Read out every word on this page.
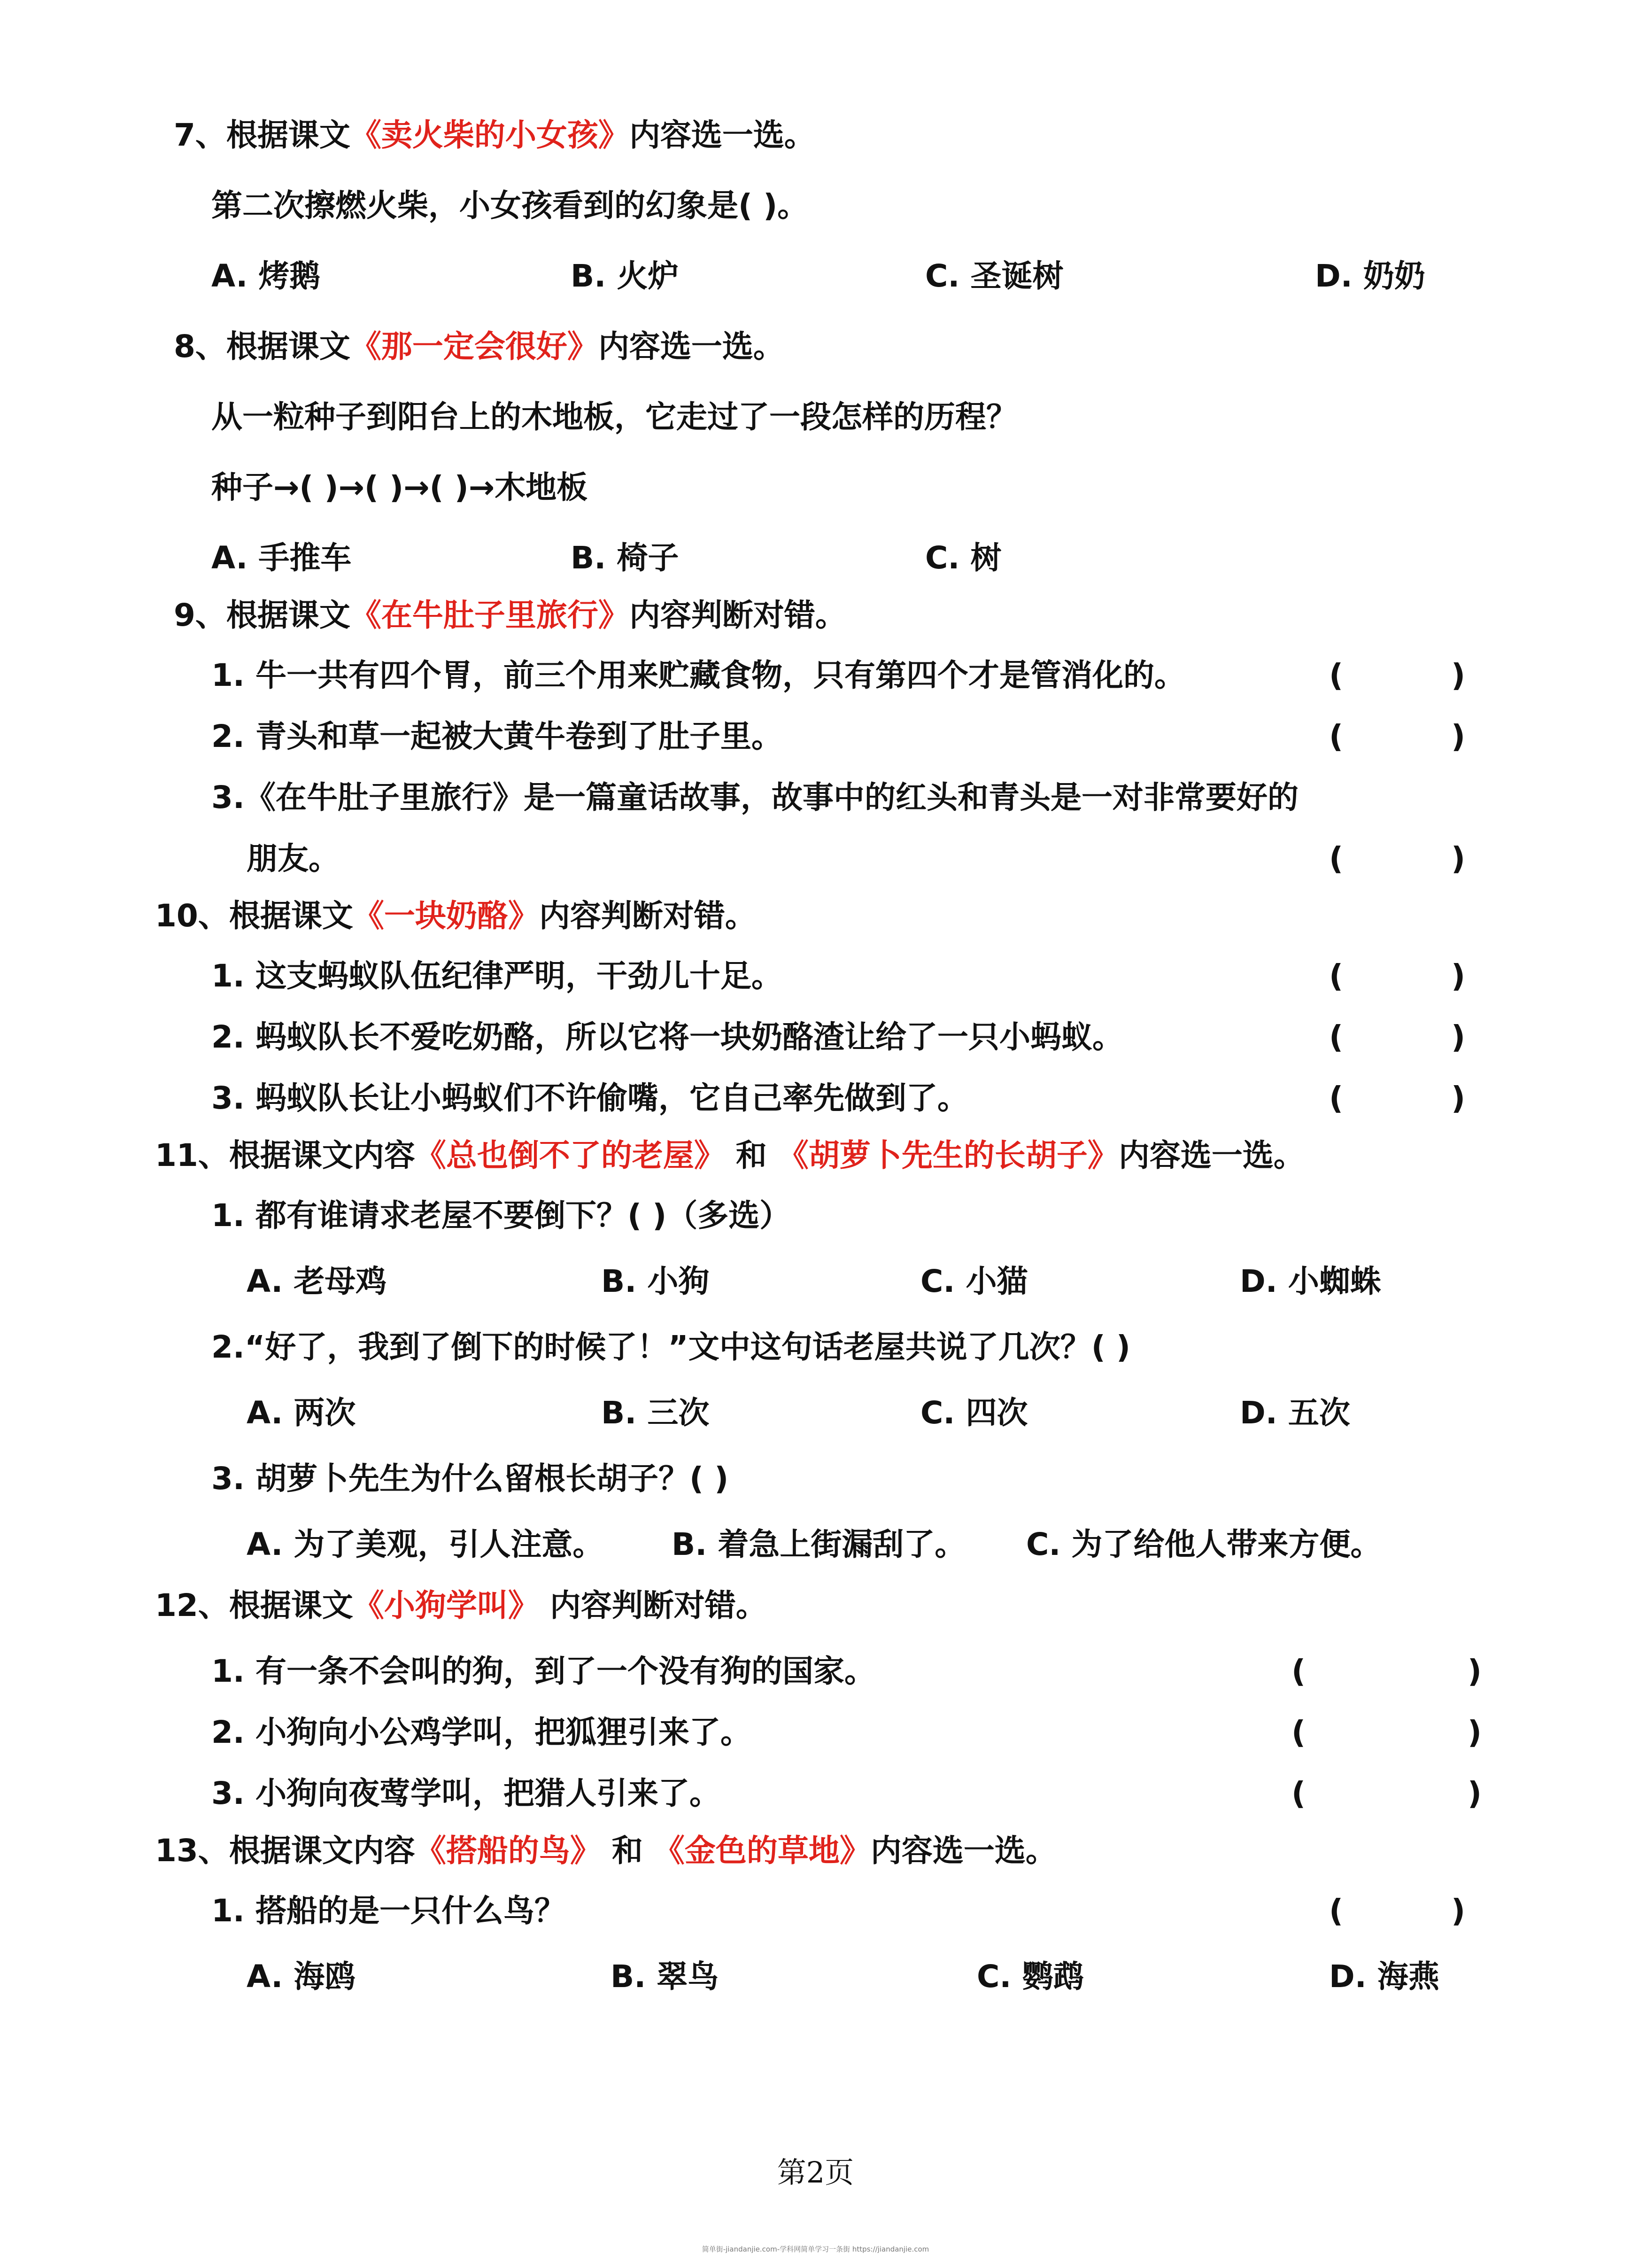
7、根据课文《卖火柴的小女孩》内容选一选。
第二次擦燃火柴，小女孩看到的幻象是( )。
A. 烤鹅	B. 火炉	C. 圣诞树	D. 奶奶
8、根据课文《那一定会很好》内容选一选。
从一粒种子到阳台上的木地板，它走过了一段怎样的历程？
种子→( )→( )→( )→木地板
A. 手推车	B. 椅子	C. 树
9、根据课文《在牛肚子里旅行》内容判断对错。
1. 牛一共有四个胃，前三个用来贮藏食物，只有第四个才是管消化的。	(          )
2. 青头和草一起被大黄牛卷到了肚子里。	(          )
3.《在牛肚子里旅行》是一篇童话故事，故事中的红头和青头是一对非常要好的
朋友。	(          )
10、根据课文《一块奶酪》内容判断对错。
1. 这支蚂蚁队伍纪律严明，干劲儿十足。	(          )
2. 蚂蚁队长不爱吃奶酪，所以它将一块奶酪渣让给了一只小蚂蚁。	(          )
3. 蚂蚁队长让小蚂蚁们不许偷嘴，它自己率先做到了。	(          )
11、根据课文内容《总也倒不了的老屋》 和 《胡萝卜先生的长胡子》内容选一选。
1. 都有谁请求老屋不要倒下？( )（多选）
A. 老母鸡	B. 小狗	C. 小猫	D. 小蜘蛛
2.“好了，我到了倒下的时候了！”文中这句话老屋共说了几次？( )
A. 两次	B. 三次	C. 四次	D. 五次
3. 胡萝卜先生为什么留根长胡子？( )
A. 为了美观，引人注意。 B. 着急上街漏刮了。 C. 为了给他人带来方便。
12、根据课文《小狗学叫》 内容判断对错。
1. 有一条不会叫的狗，到了一个没有狗的国家。	(               )
2. 小狗向小公鸡学叫，把狐狸引来了。	(               )
3. 小狗向夜莺学叫，把猎人引来了。	(               )
13、根据课文内容《搭船的鸟》 和 《金色的草地》内容选一选。
1. 搭船的是一只什么鸟？	(          )
A. 海鸥	B. 翠鸟	C. 鹦鹉	D. 海燕
第2页
简单街-jiandanjie.com-学科网简单学习一条街 https://jiandanjie.com
